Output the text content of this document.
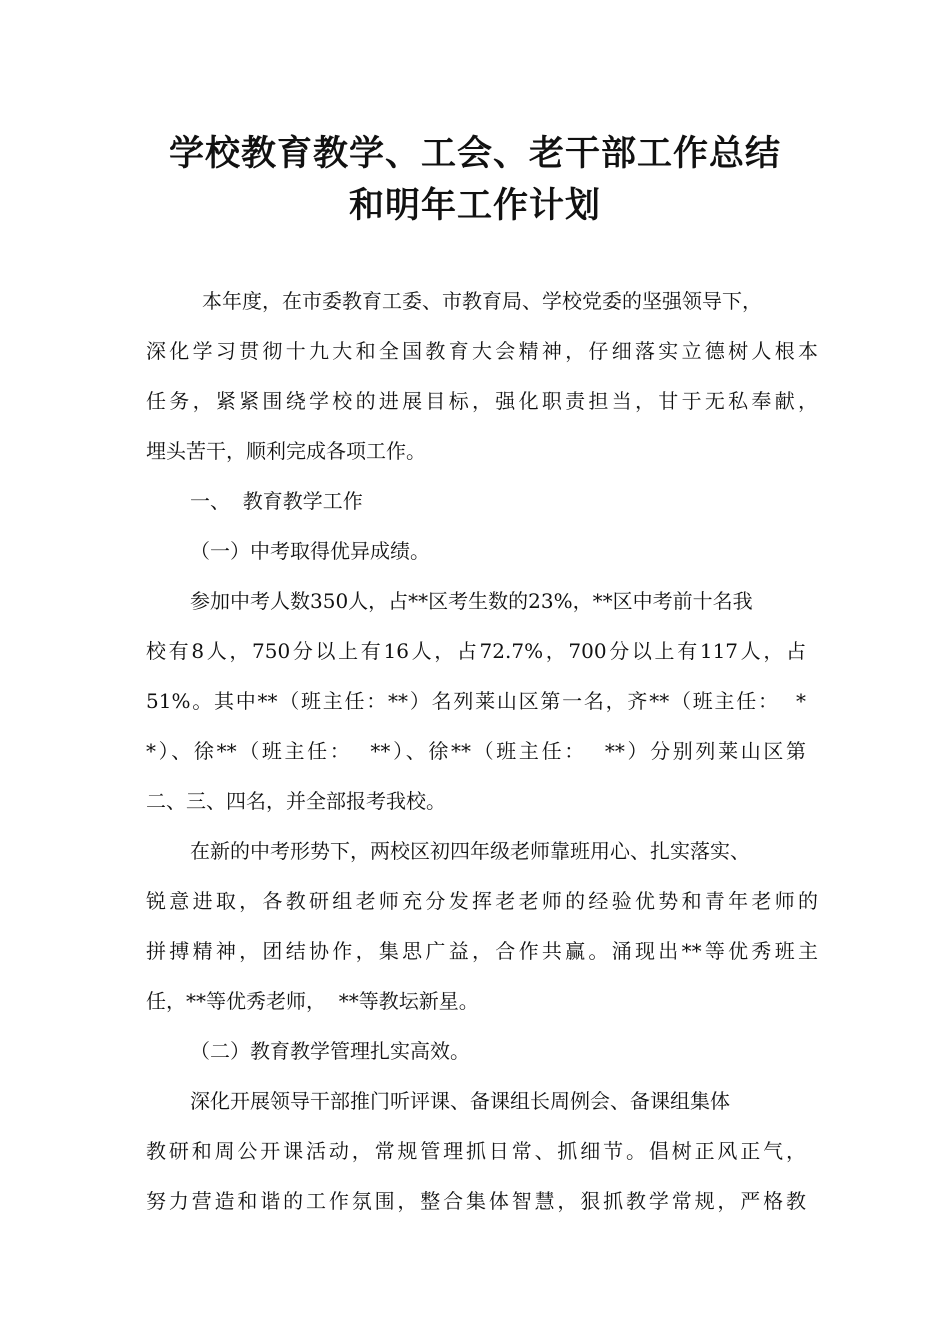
学校教育教学、工会、老干部工作总结
和明年工作计划
本年度，在市委教育工委、市教育局、学校党委的坚强领导下，
深化学习贯彻十九大和全国教育大会精神，仔细落实立德树人根本
任务，紧紧围绕学校的进展目标，强化职责担当，甘于无私奉献，
埋头苦干，顺利完成各项工作。
一、  教育教学工作
（一）中考取得优异成绩。
参加中考人数350人，占**区考生数的23%，**区中考前十名我
校有8人，750分以上有16人，占72.7%，700分以上有117人，占
51%。其中**（班主任：**）名列莱山区第一名，齐**（班主任：  *
*）、徐**（班主任：  **）、徐**（班主任：  **）分别列莱山区第
二、三、四名，并全部报考我校。
在新的中考形势下，两校区初四年级老师靠班用心、扎实落实、
锐意进取，各教研组老师充分发挥老老师的经验优势和青年老师的
拼搏精神，团结协作，集思广益，合作共赢。涌现出**等优秀班主
任，**等优秀老师，  **等教坛新星。
（二）教育教学管理扎实高效。
深化开展领导干部推门听评课、备课组长周例会、备课组集体
教研和周公开课活动，常规管理抓日常、抓细节。倡树正风正气，
努力营造和谐的工作氛围，整合集体智慧，狠抓教学常规，严格教
